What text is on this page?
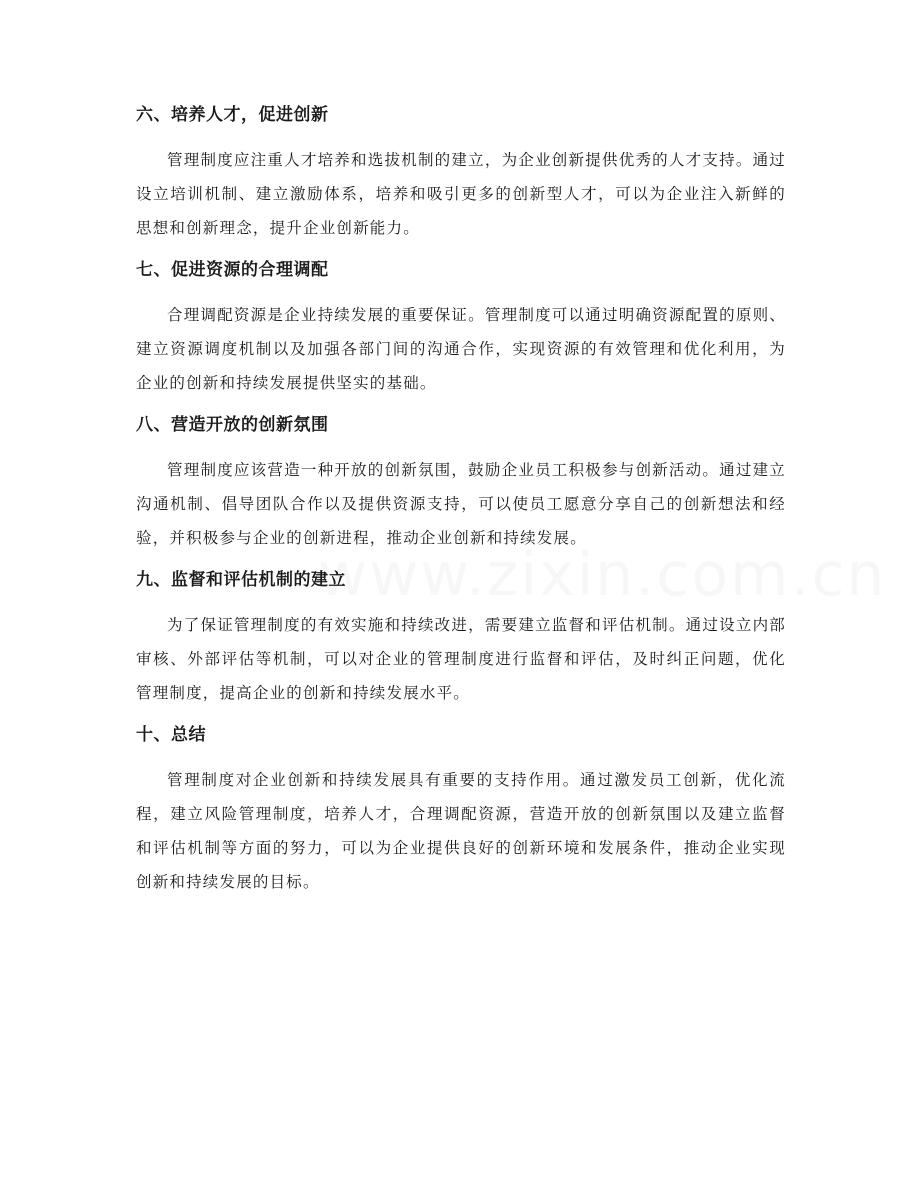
www.zixin.com.cn
六、培养人才，促进创新

管理制度应注重人才培养和选拔机制的建立，为企业创新提供优秀的人才支持。通过设立培训机制、建立激励体系，培养和吸引更多的创新型人才，可以为企业注入新鲜的思想和创新理念，提升企业创新能力。

七、促进资源的合理调配

合理调配资源是企业持续发展的重要保证。管理制度可以通过明确资源配置的原则、建立资源调度机制以及加强各部门间的沟通合作，实现资源的有效管理和优化利用，为企业的创新和持续发展提供坚实的基础。

八、营造开放的创新氛围

管理制度应该营造一种开放的创新氛围，鼓励企业员工积极参与创新活动。通过建立沟通机制、倡导团队合作以及提供资源支持，可以使员工愿意分享自己的创新想法和经验，并积极参与企业的创新进程，推动企业创新和持续发展。

九、监督和评估机制的建立

为了保证管理制度的有效实施和持续改进，需要建立监督和评估机制。通过设立内部审核、外部评估等机制，可以对企业的管理制度进行监督和评估，及时纠正问题，优化管理制度，提高企业的创新和持续发展水平。

十、总结

管理制度对企业创新和持续发展具有重要的支持作用。通过激发员工创新，优化流程，建立风险管理制度，培养人才，合理调配资源，营造开放的创新氛围以及建立监督和评估机制等方面的努力，可以为企业提供良好的创新环境和发展条件，推动企业实现创新和持续发展的目标。
